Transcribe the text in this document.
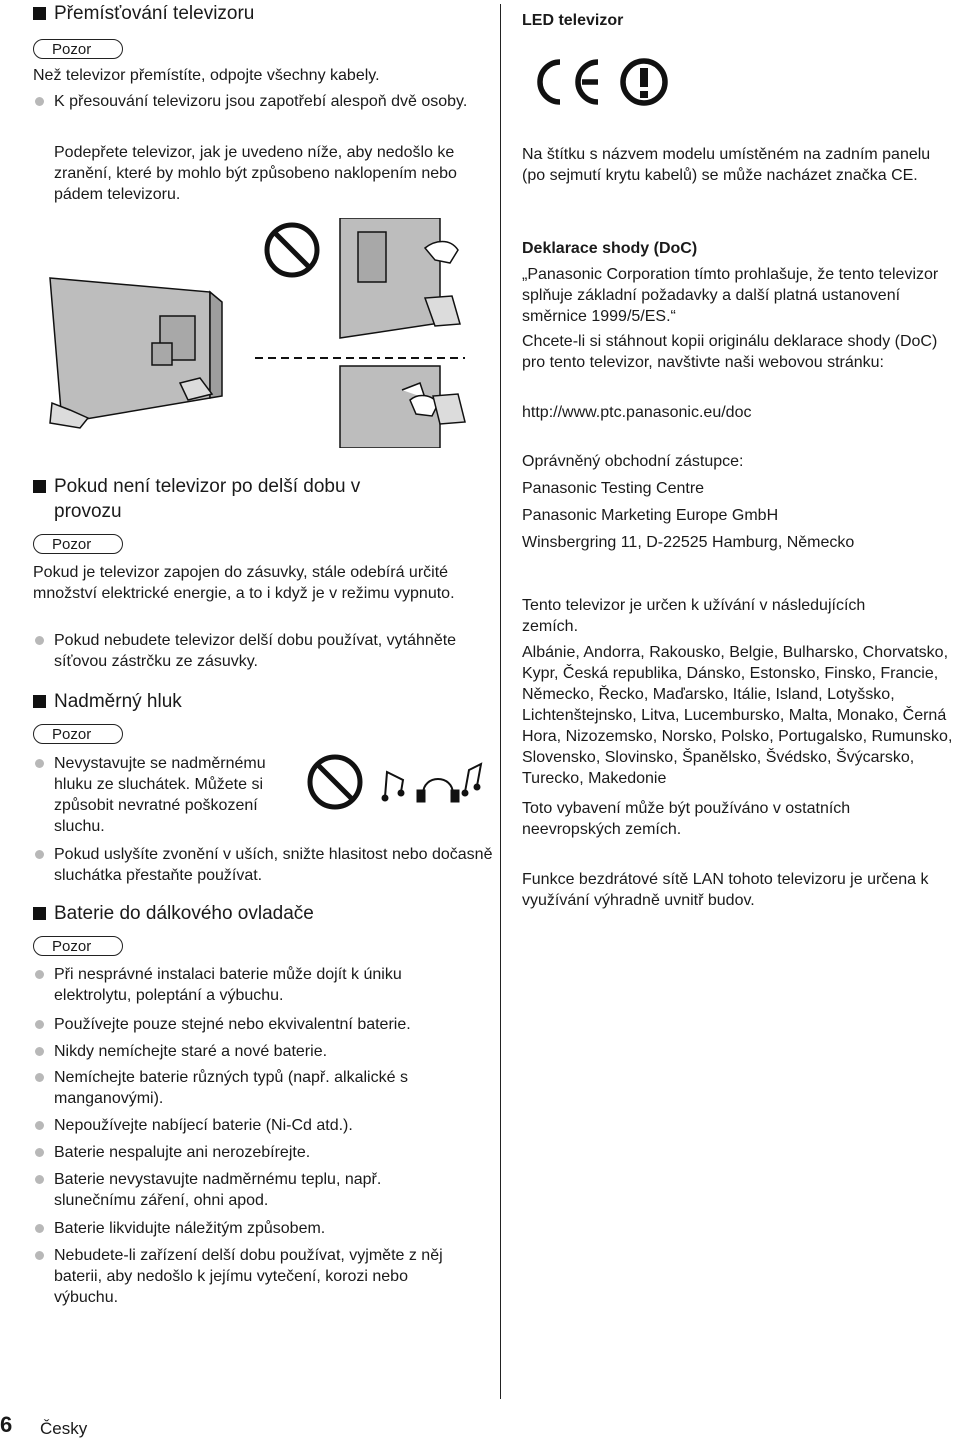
Přemísťování televizoru
Pozor
Než televizor přemístíte, odpojte všechny kabely.
K přesouvání televizoru jsou zapotřebí alespoň dvě osoby.
Podepřete televizor, jak je uvedeno níže, aby nedošlo ke zranění, které by mohlo být způsobeno naklopením nebo pádem televizoru.
Pokud není televizor po delší dobu v provozu
Pozor
Pokud je televizor zapojen do zásuvky, stále odebírá určité množství elektrické energie, a to i když je v režimu vypnuto.
Pokud nebudete televizor delší dobu používat, vytáhněte síťovou zástrčku ze zásuvky.
Nadměrný hluk
Pozor
Nevystavujte se nadměrnému hluku ze sluchátek. Můžete si způsobit nevratné poškození sluchu.
Pokud uslyšíte zvonění v uších, snižte hlasitost nebo dočasně sluchátka přestaňte používat.
Baterie do dálkového ovladače
Pozor
Při nesprávné instalaci baterie může dojít k úniku elektrolytu, poleptání a výbuchu.
Používejte pouze stejné nebo ekvivalentní baterie.
Nikdy nemíchejte staré a nové baterie.
Nemíchejte baterie různých typů (např. alkalické s manganovými).
Nepoužívejte nabíjecí baterie (Ni-Cd atd.).
Baterie nespalujte ani nerozebírejte.
Baterie nevystavujte nadměrnému teplu, např. slunečnímu záření, ohni apod.
Baterie likvidujte náležitým způsobem.
Nebudete-li zařízení delší dobu používat, vyjměte z něj baterii, aby nedošlo k jejímu vytečení, korozi nebo výbuchu.
LED televizor
Na štítku s názvem modelu umístěném na zadním panelu (po sejmutí krytu kabelů) se může nacházet značka CE.
Deklarace shody (DoC)
„Panasonic Corporation tímto prohlašuje, že tento televizor splňuje základní požadavky a další platná ustanovení směrnice 1999/5/ES.“
Chcete-li si stáhnout kopii originálu deklarace shody (DoC) pro tento televizor, navštivte naši webovou stránku:
http://www.ptc.panasonic.eu/doc
Oprávněný obchodní zástupce:
Panasonic Testing Centre
Panasonic Marketing Europe GmbH
Winsbergring 11, D-22525 Hamburg, Německo
Tento televizor je určen k užívání v následujících zemích.
Albánie, Andorra, Rakousko, Belgie, Bulharsko, Chorvatsko, Kypr, Česká republika, Dánsko, Estonsko, Finsko, Francie, Německo, Řecko, Maďarsko, Itálie, Island, Lotyšsko, Lichtenštejnsko, Litva, Lucembursko, Malta, Monako, Černá Hora, Nizozemsko, Norsko, Polsko, Portugalsko, Rumunsko, Slovensko, Slovinsko, Španělsko, Švédsko, Švýcarsko, Turecko, Makedonie
Toto vybavení může být používáno v ostatních neevropských zemích.
Funkce bezdrátové sítě LAN tohoto televizoru je určena k využívání výhradně uvnitř budov.
6 Česky
